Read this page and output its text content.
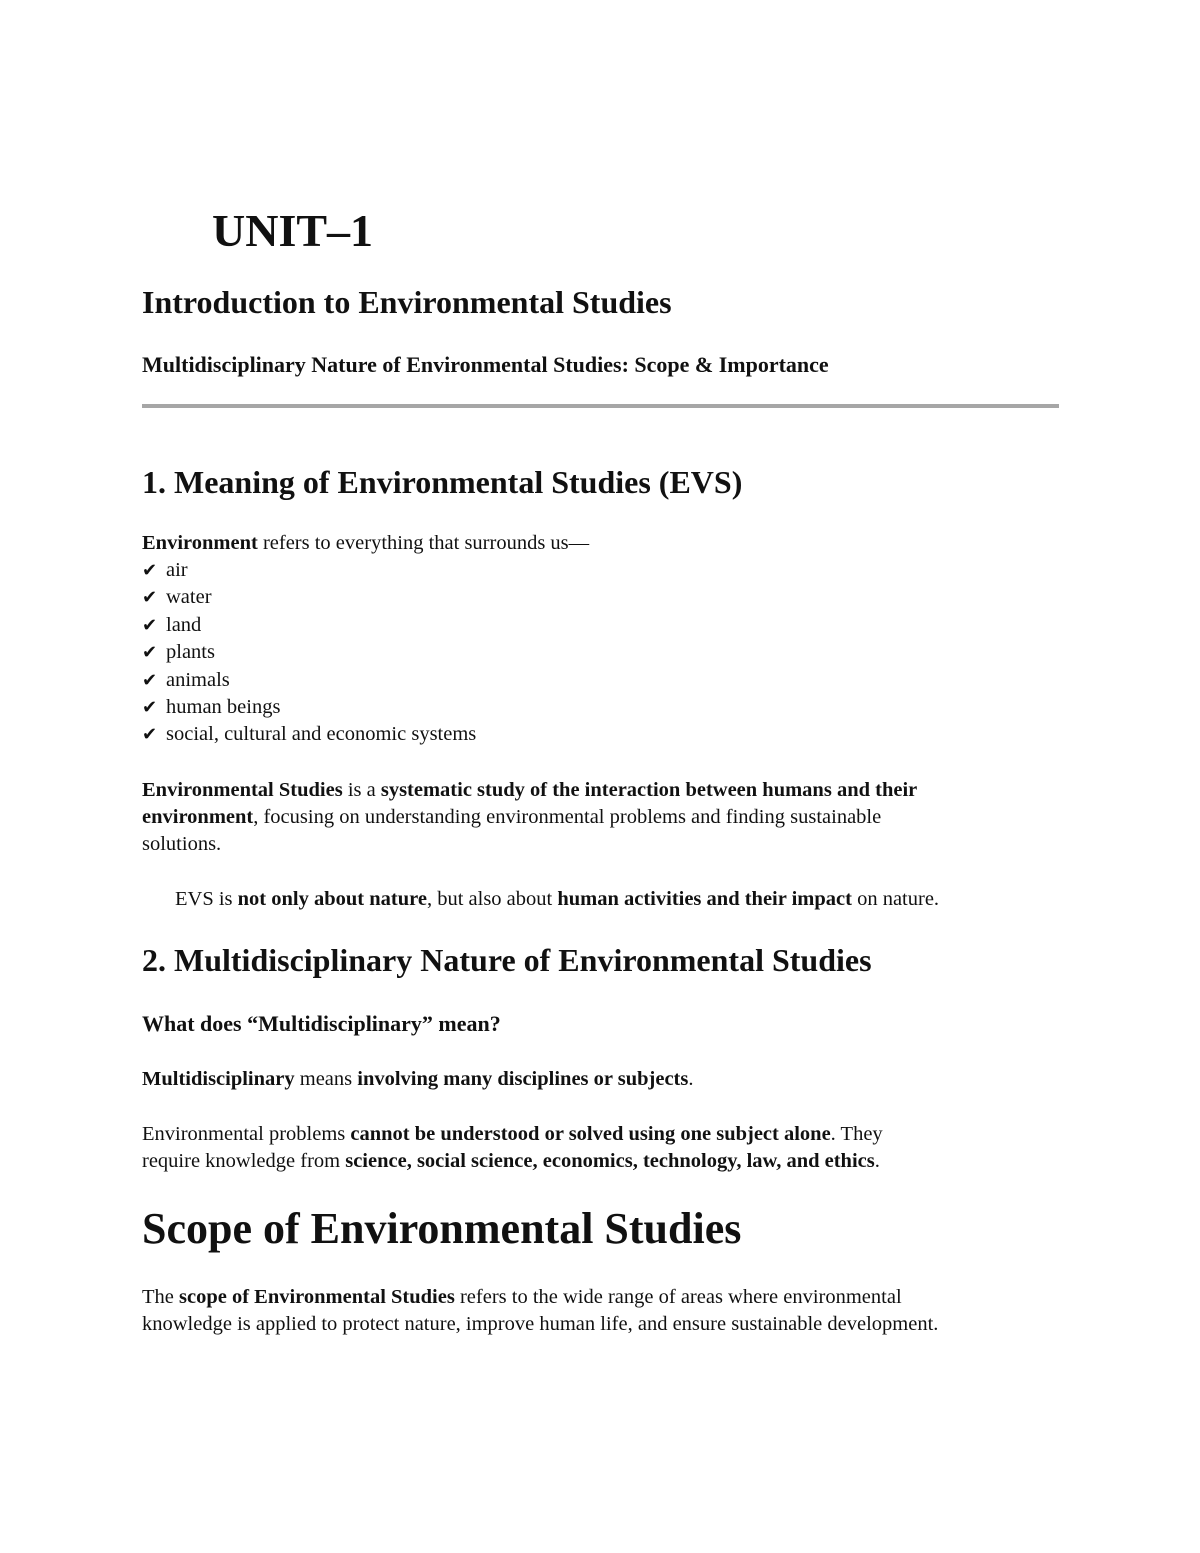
UNIT–1
Introduction to Environmental Studies
Multidisciplinary Nature of Environmental Studies: Scope & Importance
1. Meaning of Environmental Studies (EVS)

Environment refers to everything that surrounds us—

✔ air
✔ water
✔ land
✔ plants
✔ animals
✔ human beings
✔ social, cultural and economic systems

Environmental Studies is a systematic study of the interaction between humans and their
environment, focusing on understanding environmental problems and finding sustainable
solutions.

EVS is not only about nature, but also about human activities and their impact on nature.

2. Multidisciplinary Nature of Environmental Studies
What does “Multidisciplinary” mean?

Multidisciplinary means involving many disciplines or subjects.

Environmental problems cannot be understood or solved using one subject alone. They
require knowledge from science, social science, economics, technology, law, and ethics.

Scope of Environmental Studies

The scope of Environmental Studies refers to the wide range of areas where environmental
knowledge is applied to protect nature, improve human life, and ensure sustainable development.
